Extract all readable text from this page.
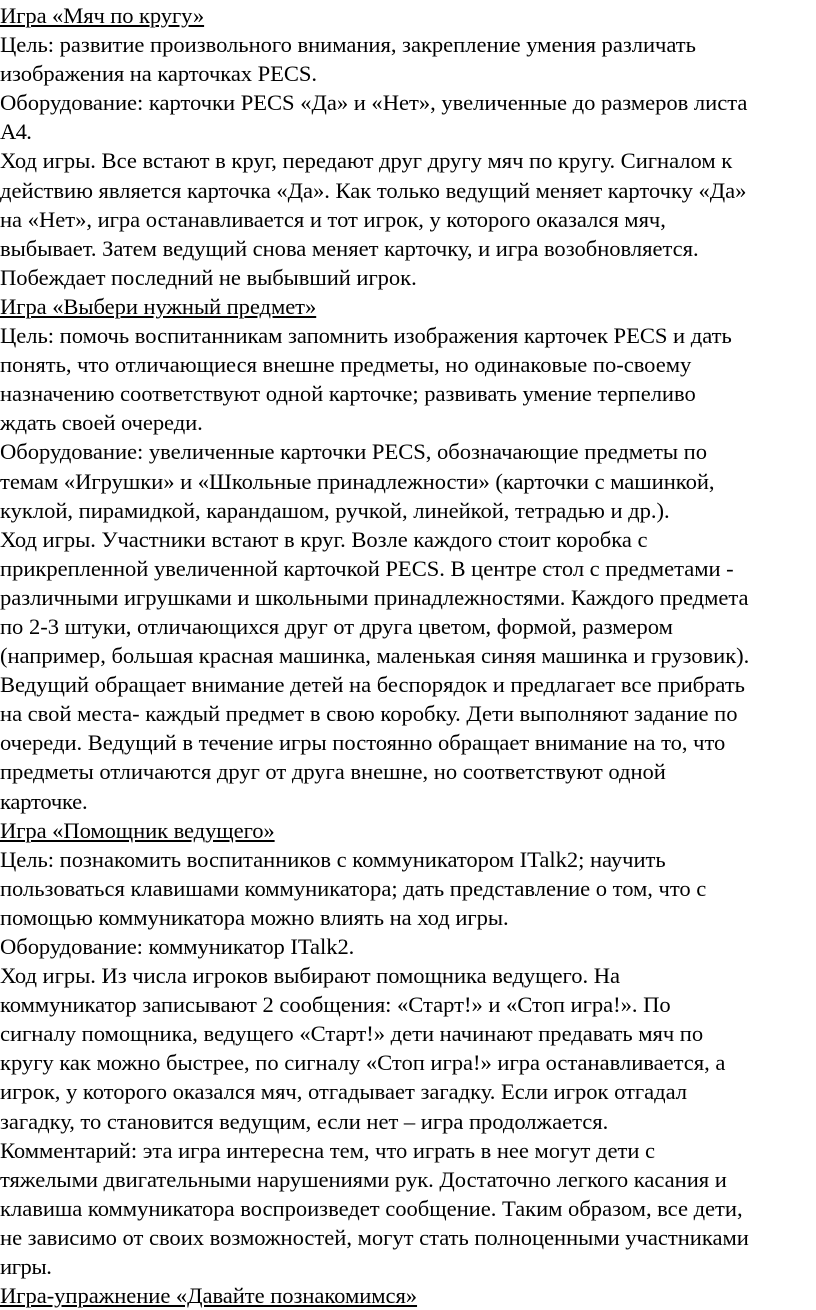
Игра «Мяч по кругу»
Цель: развитие произвольного внимания, закрепление умения различать
изображения на карточках PECS.
Оборудование: карточки PECS «Да» и «Нет», увеличенные до размеров листа
А4.
Ход игры. Все встают в круг, передают друг другу мяч по кругу. Сигналом к
действию является карточка «Да». Как только ведущий меняет карточку «Да»
на «Нет», игра останавливается и тот игрок, у которого оказался мяч,
выбывает. Затем ведущий снова меняет карточку, и игра возобновляется.
Побеждает последний не выбывший игрок.
Игра «Выбери нужный предмет»
Цель: помочь воспитанникам запомнить изображения карточек PECS и дать
понять, что отличающиеся внешне предметы, но одинаковые по-своему
назначению соответствуют одной карточке; развивать умение терпеливо
ждать своей очереди.
Оборудование: увеличенные карточки PECS, обозначающие предметы по
темам «Игрушки» и «Школьные принадлежности» (карточки с машинкой,
куклой, пирамидкой, карандашом, ручкой, линейкой, тетрадью и др.).
Ход игры. Участники встают в круг. Возле каждого стоит коробка с
прикрепленной увеличенной карточкой PECS. В центре стол с предметами -
различными игрушками и школьными принадлежностями. Каждого предмета
по 2-3 штуки, отличающихся друг от друга цветом, формой, размером
(например, большая красная машинка, маленькая синяя машинка и грузовик).
Ведущий обращает внимание детей на беспорядок и предлагает все прибрать
на свой места- каждый предмет в свою коробку. Дети выполняют задание по
очереди. Ведущий в течение игры постоянно обращает внимание на то, что
предметы отличаются друг от друга внешне, но соответствуют одной
карточке.
Игра «Помощник ведущего»
Цель: познакомить воспитанников с коммуникатором ITalk2; научить
пользоваться клавишами коммуникатора; дать представление о том, что с
помощью коммуникатора можно влиять на ход игры.
Оборудование: коммуникатор ITalk2.
Ход игры. Из числа игроков выбирают помощника ведущего. На
коммуникатор записывают 2 сообщения: «Старт!» и «Стоп игра!». По
сигналу помощника, ведущего «Старт!» дети начинают предавать мяч по
кругу как можно быстрее, по сигналу «Стоп игра!» игра останавливается, а
игрок, у которого оказался мяч, отгадывает загадку. Если игрок отгадал
загадку, то становится ведущим, если нет – игра продолжается.
Комментарий: эта игра интересна тем, что играть в нее могут дети с
тяжелыми двигательными нарушениями рук. Достаточно легкого касания и
клавиша коммуникатора воспроизведет сообщение. Таким образом, все дети,
не зависимо от своих возможностей, могут стать полноценными участниками
игры.
Игра-упражнение «Давайте познакомимся»
